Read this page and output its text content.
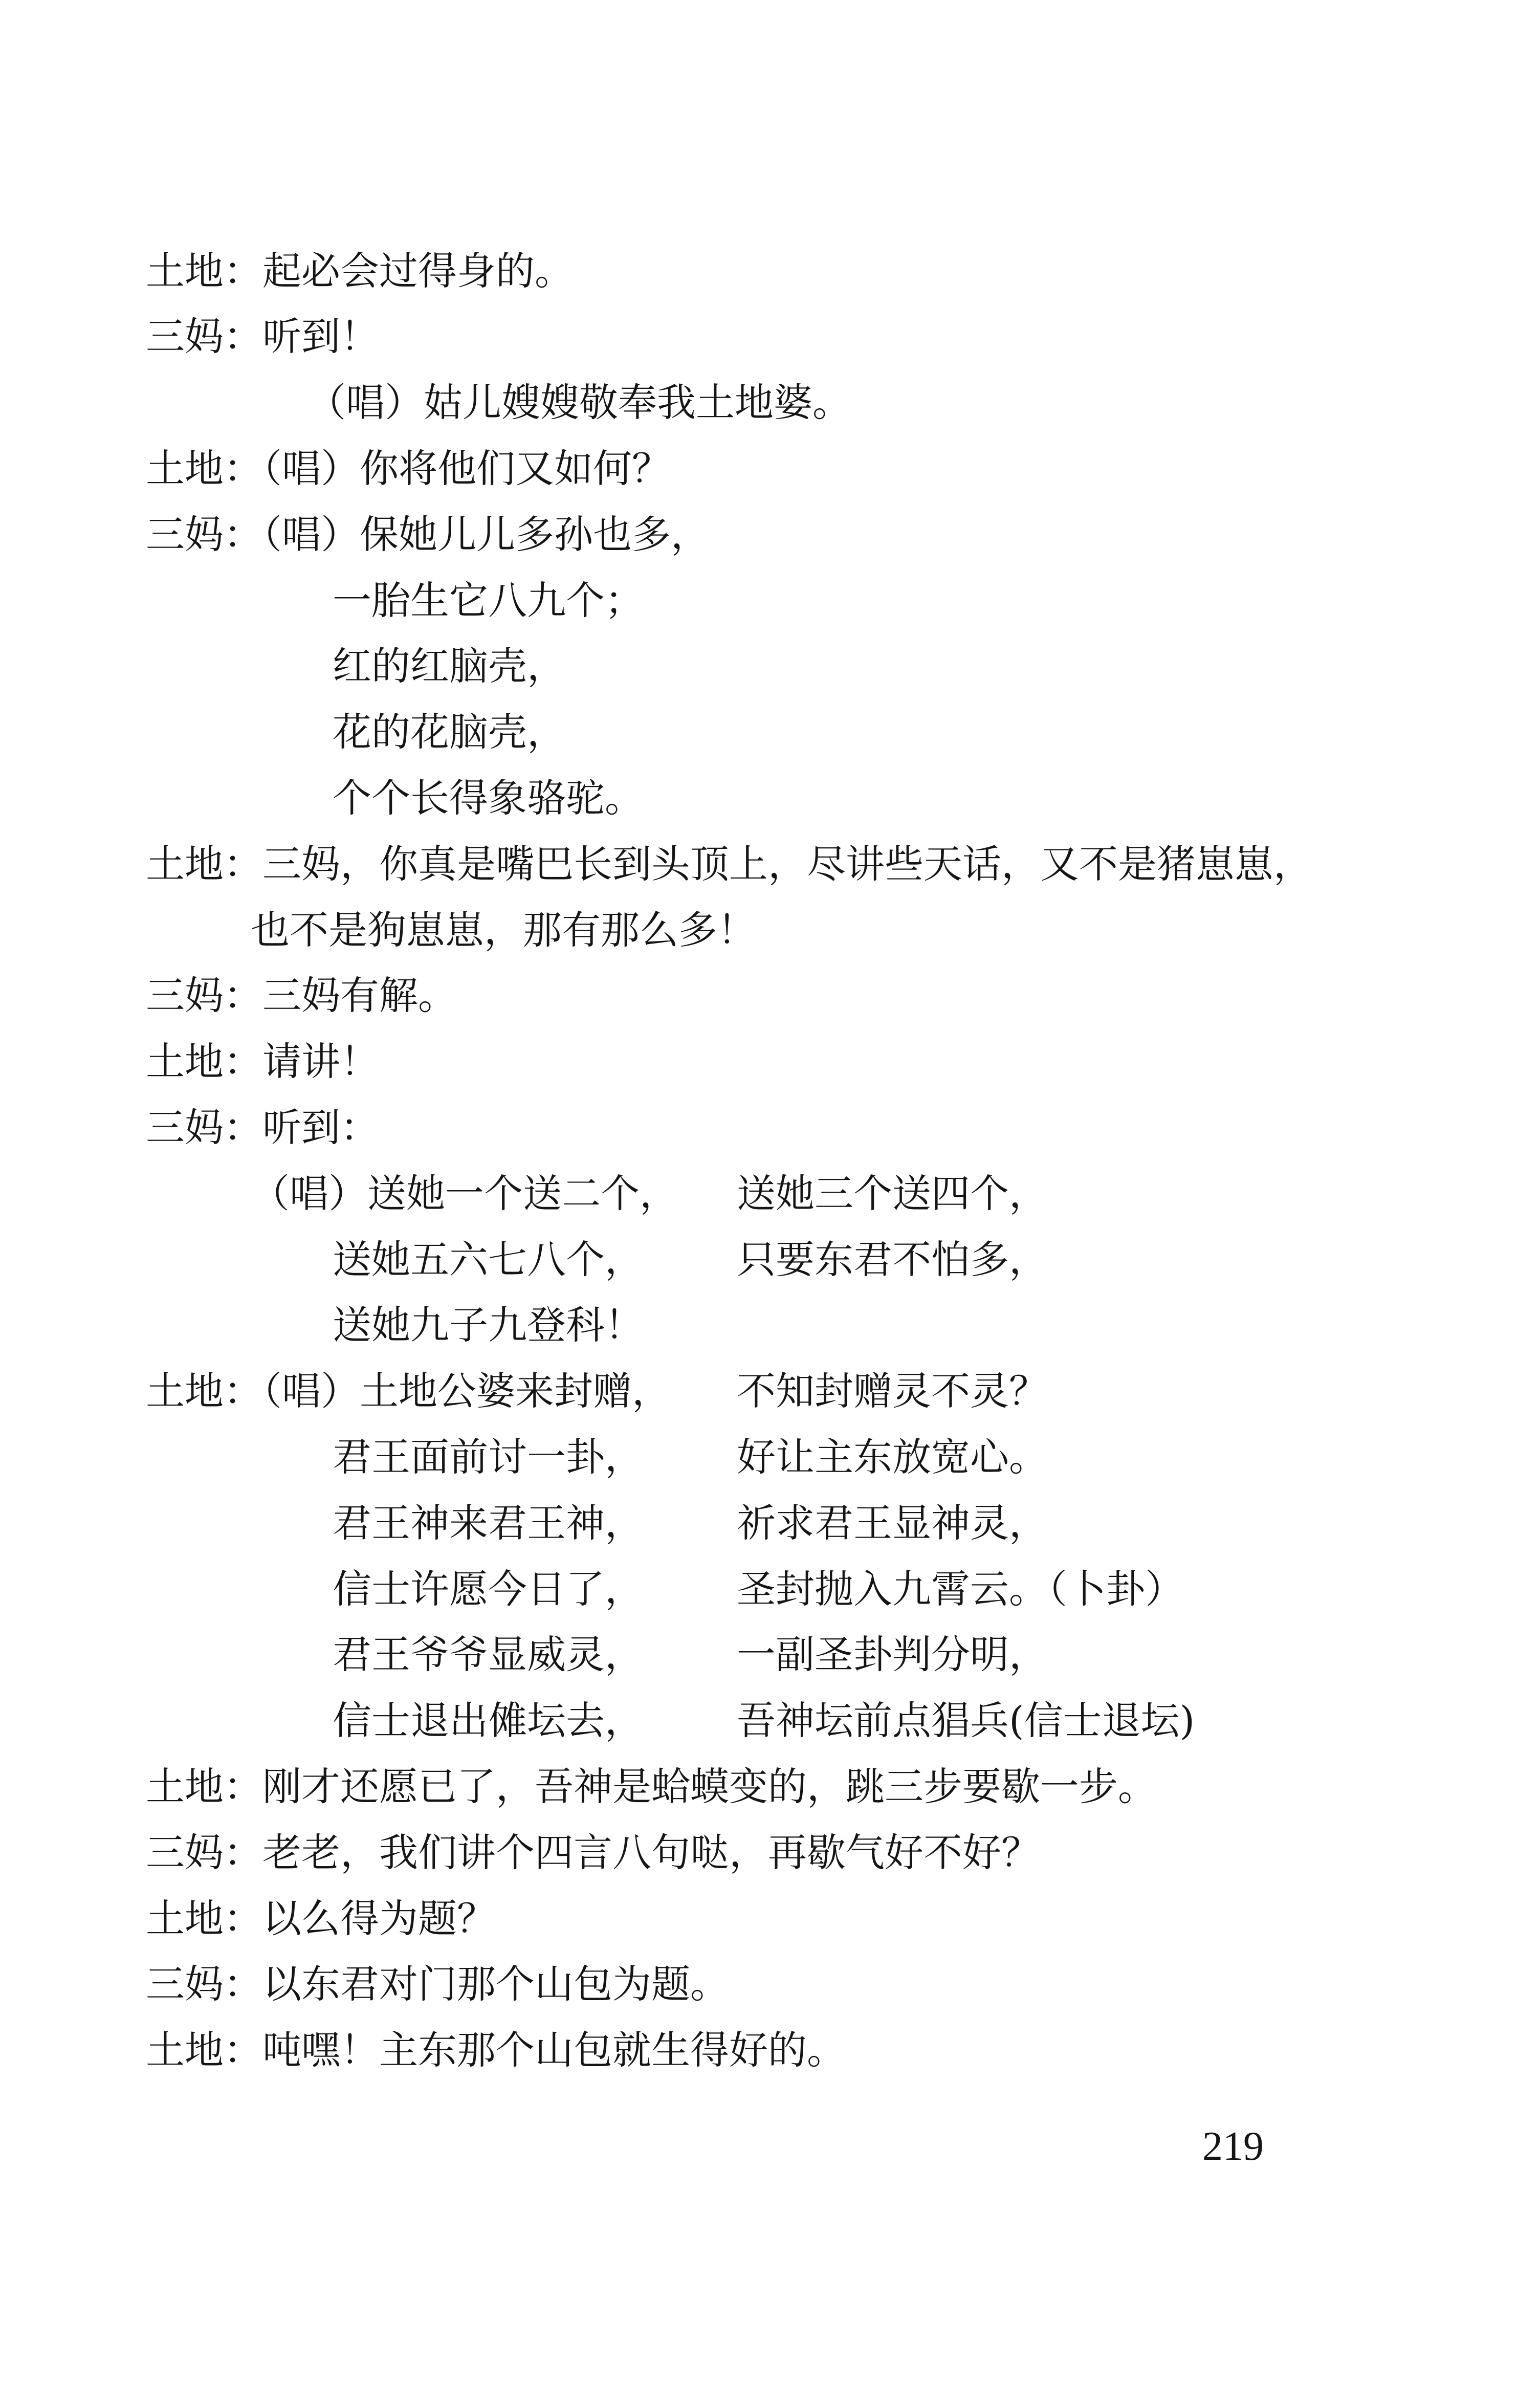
土地：起必会过得身的。
三妈：听到！
（唱）姑儿嫂嫂敬奉我土地婆。
土地：（唱）你将他们又如何？
三妈：（唱）保她儿儿多孙也多，
一胎生它八九个；
红的红脑壳，
花的花脑壳，
个个长得象骆驼。
土地：三妈，你真是嘴巴长到头顶上，尽讲些天话，又不是猪崽崽，
也不是狗崽崽，那有那么多！
三妈：三妈有解。
土地：请讲！
三妈：听到：
（唱）送她一个送二个， 送她三个送四个，
送她五六七八个， 只要东君不怕多，
送她九子九登科！
土地：（唱）土地公婆来封赠， 不知封赠灵不灵？
君王面前讨一卦， 好让主东放宽心。
君王神来君王神， 祈求君王显神灵，
信士许愿今日了， 圣封抛入九霄云。（卜卦）
君王爷爷显威灵， 一副圣卦判分明，
信士退出傩坛去， 吾神坛前点猖兵(信士退坛)
土地：刚才还愿已了，吾神是蛤蟆变的，跳三步要歇一步。
三妈：老老，我们讲个四言八句哒，再歇气好不好？
土地：以么得为题？
三妈：以东君对门那个山包为题。
土地：吨嘿！主东那个山包就生得好的。
219
